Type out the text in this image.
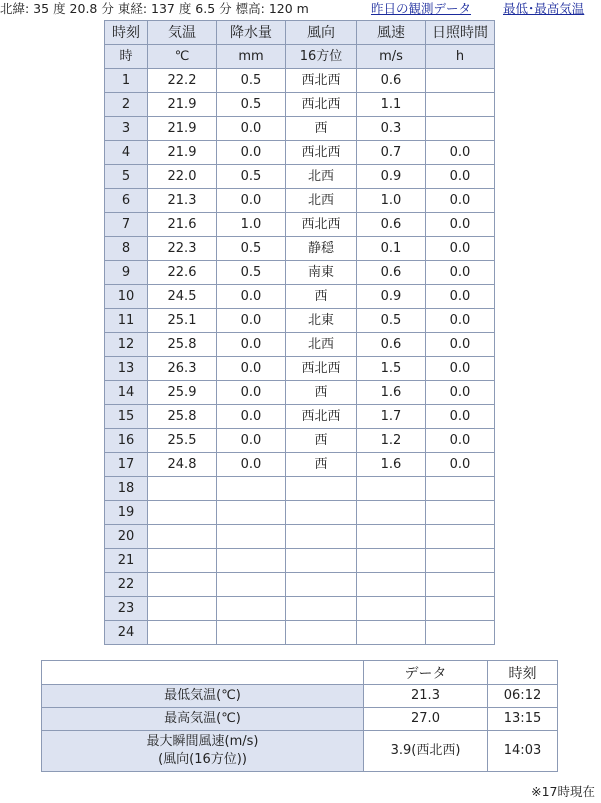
北緯: 35 度 20.8 分 東経: 137 度 6.5 分 標高: 120 m	昨日の観測データ	最低･最高気温
時刻	気温	降水量	風向	風速	日照時間
時	℃	mm	16方位	m/s	h
1	22.2	0.5	西北西	0.6	
2	21.9	0.5	西北西	1.1	
3	21.9	0.0	西	0.3	
4	21.9	0.0	西北西	0.7	0.0
5	22.0	0.5	北西	0.9	0.0
6	21.3	0.0	北西	1.0	0.0
7	21.6	1.0	西北西	0.6	0.0
8	22.3	0.5	静穏	0.1	0.0
9	22.6	0.5	南東	0.6	0.0
10	24.5	0.0	西	0.9	0.0
11	25.1	0.0	北東	0.5	0.0
12	25.8	0.0	北西	0.6	0.0
13	26.3	0.0	西北西	1.5	0.0
14	25.9	0.0	西	1.6	0.0
15	25.8	0.0	西北西	1.7	0.0
16	25.5	0.0	西	1.2	0.0
17	24.8	0.0	西	1.6	0.0
18					
19					
20					
21					
22					
23					
24					
	データ	時刻
最低気温(℃)	21.3	06:12
最高気温(℃)	27.0	13:15

最大瞬間風速(m/s)
(風向(16方位))	3.9(西北西)	14:03
※17時現在
